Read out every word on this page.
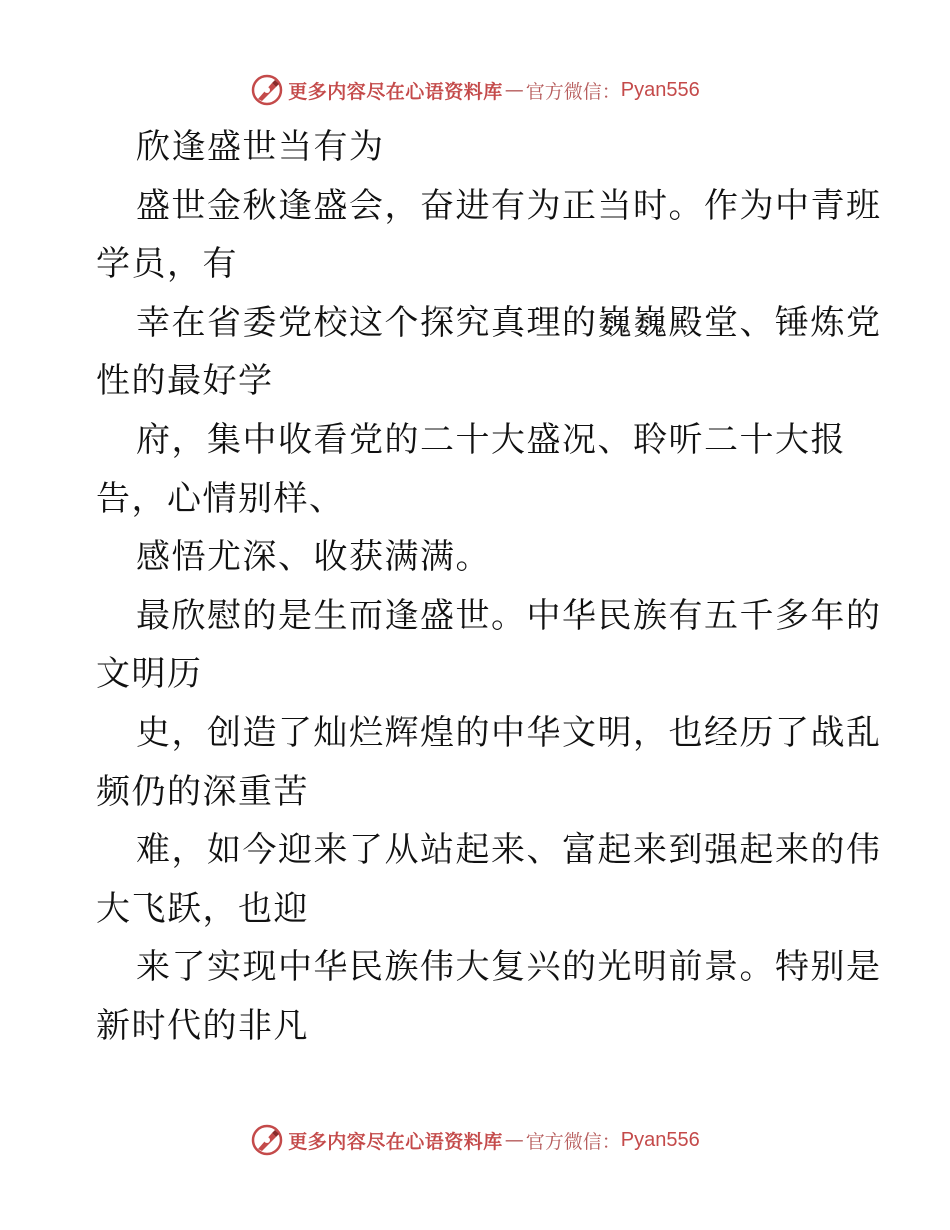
更多内容尽在心语资料库 — 官方微信： Pyan556
欣逢盛世当有为
盛世金秋逢盛会，奋进有为正当时。作为中青班
学员，有
幸在省委党校这个探究真理的巍巍殿堂、锤炼党
性的最好学
府，集中收看党的二十大盛况、聆听二十大报
告，心情别样、
感悟尤深、收获满满。
最欣慰的是生而逢盛世。中华民族有五千多年的
文明历
史，创造了灿烂辉煌的中华文明，也经历了战乱
频仍的深重苦
难，如今迎来了从站起来、富起来到强起来的伟
大飞跃，也迎
来了实现中华民族伟大复兴的光明前景。特别是
新时代的非凡
更多内容尽在心语资料库 — 官方微信： Pyan556
